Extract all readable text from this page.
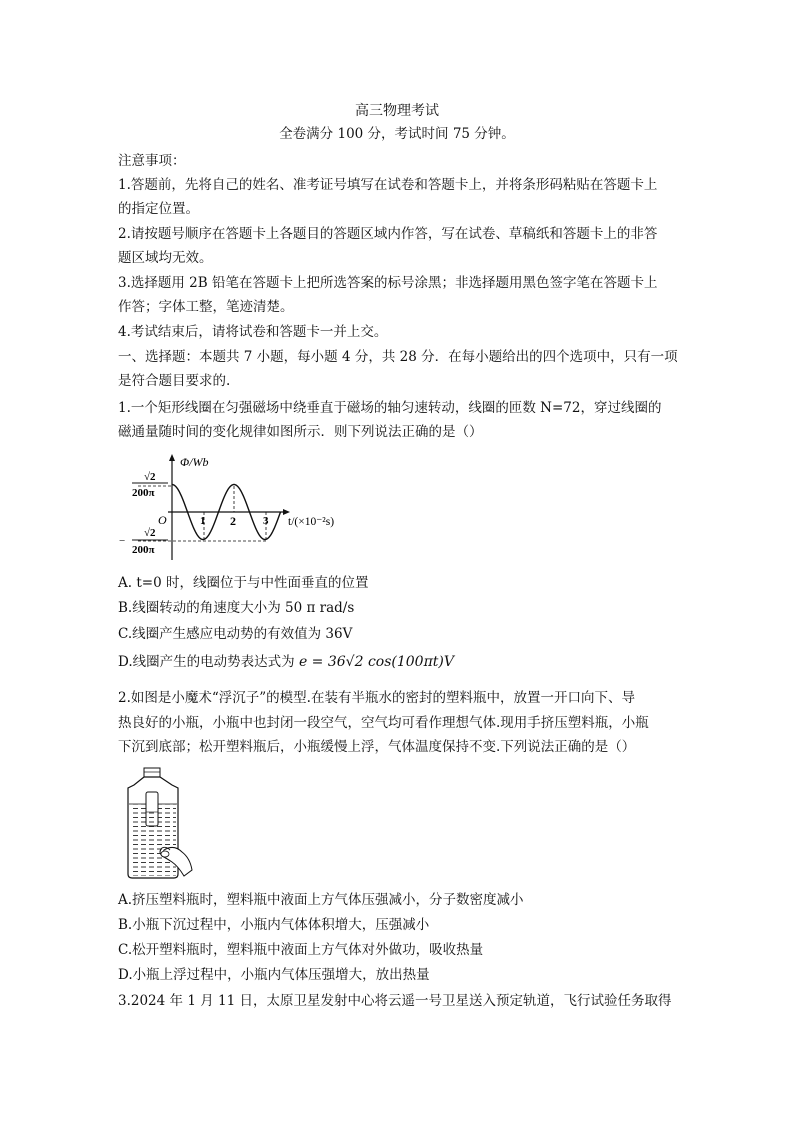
高三物理考试
全卷满分 100 分，考试时间 75 分钟。
注意事项：
1.答题前，先将自己的姓名、准考证号填写在试卷和答题卡上，并将条形码粘贴在答题卡上
的指定位置。
2.请按题号顺序在答题卡上各题目的答题区域内作答，写在试卷、草稿纸和答题卡上的非答
题区域均无效。
3.选择题用 2B 铅笔在答题卡上把所选答案的标号涂黑；非选择题用黑色签字笔在答题卡上
作答；字体工整，笔迹清楚。
4.考试结束后，请将试卷和答题卡一并上交。
一、选择题：本题共 7 小题，每小题 4 分，共 28 分．在每小题给出的四个选项中，只有一项
是符合题目要求的.
1.一个矩形线圈在匀强磁场中绕垂直于磁场的轴匀速转动，线圈的匝数 N=72，穿过线圈的
磁通量随时间的变化规律如图所示．则下列说法正确的是（）
Φ/Wb
√2
200π
O
−
√2
200π
1 2 3 t/(×10⁻²s)
A. t=0 时，线圈位于与中性面垂直的位置
B.线圈转动的角速度大小为 50 π rad/s
C.线圈产生感应电动势的有效值为 36V
D.线圈产生的电动势表达式为 e = 36√2 cos(100πt)V
2.如图是小魔术“浮沉子”的模型.在装有半瓶水的密封的塑料瓶中，放置一开口向下、导
热良好的小瓶，小瓶中也封闭一段空气，空气均可看作理想气体.现用手挤压塑料瓶，小瓶
下沉到底部；松开塑料瓶后，小瓶缓慢上浮，气体温度保持不变.下列说法正确的是（）
A.挤压塑料瓶时，塑料瓶中液面上方气体压强减小，分子数密度减小
B.小瓶下沉过程中，小瓶内气体体积增大，压强减小
C.松开塑料瓶时，塑料瓶中液面上方气体对外做功，吸收热量
D.小瓶上浮过程中，小瓶内气体压强增大，放出热量
3.2024 年 1 月 11 日，太原卫星发射中心将云遥一号卫星送入预定轨道，飞行试验任务取得
